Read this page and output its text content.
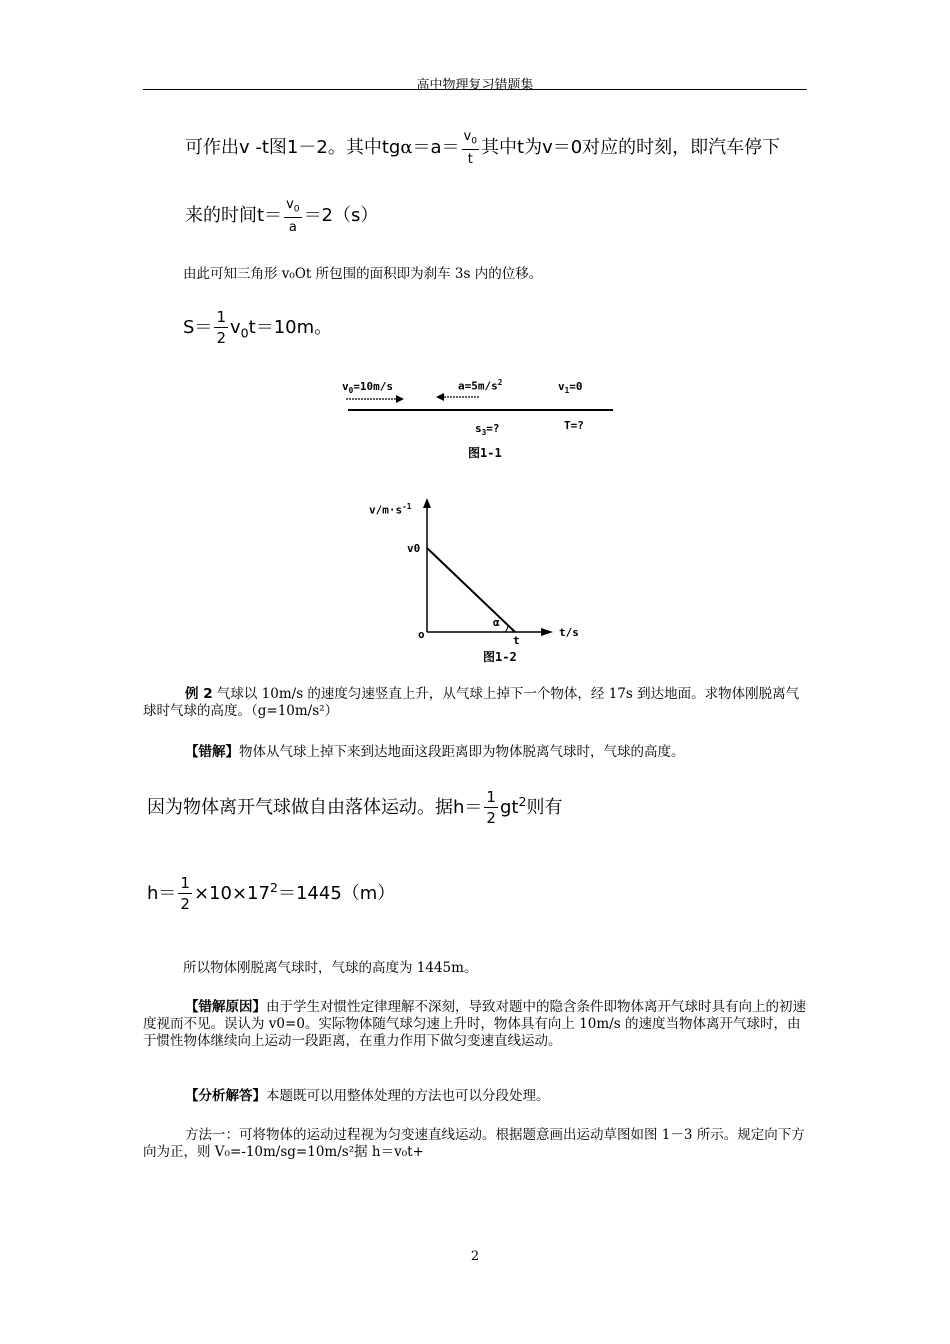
高中物理复习错题集
可作出v -t图1－2。其中$tg\alpha=a= \frac{v_0}{t}$ 其中t为v＝0对应的时刻，即汽车停下
来的时间$t= \frac{v_0}{a} =2(s)$
由此可知三角形 v₀Ot 所包围的面积即为刹车 3s 内的位移。
$S= \frac{1}{2} v_0t=10m$。
$v_0=10m/s$	$a=5m/s^2$	$v_1=0$
$s_3=$?	T=?
图1-1
$v/m\cdot s^{-1}$
v0
o
α
t
t/s
图1-2
例 2 气球以 10m/s 的速度匀速竖直上升，从气球上掉下一个物体，经 17s 到达地面。求物体刚脱离气球时气球的高度。（g=10m/s²）
【错解】物体从气球上掉下来到达地面这段距离即为物体脱离气球时，气球的高度。
因为物体离开气球做自由落体运动。据$h= \frac{1}{2} gt^2$则有
$h= \frac{1}{2} \times 10\times 17^2=1445(m)$
所以物体刚脱离气球时，气球的高度为 1445m。
【错解原因】由于学生对惯性定律理解不深刻，导致对题中的隐含条件即物体离开气球时具有向上的初速度视而不见。误认为 v0=0。实际物体随气球匀速上升时，物体具有向上 10m/s 的速度当物体离开气球时，由于惯性物体继续向上运动一段距离，在重力作用下做匀变速直线运动。
【分析解答】本题既可以用整体处理的方法也可以分段处理。
方法一：可将物体的运动过程视为匀变速直线运动。根据题意画出运动草图如图 1－3 所示。规定向下方向为正，则 V₀=-10m/sg=10m/s²据 h＝v₀t+
2
